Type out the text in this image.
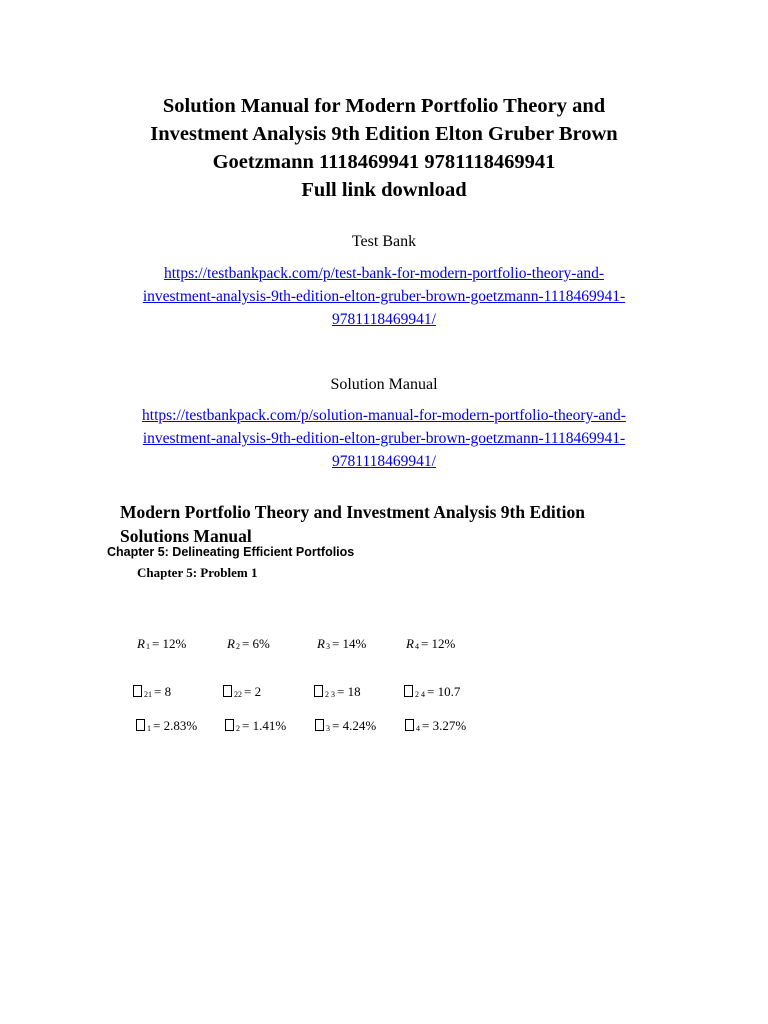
Solution Manual for Modern Portfolio Theory and
Investment Analysis 9th Edition Elton Gruber Brown
Goetzmann 1118469941 9781118469941
Full link download
Test Bank
https://testbankpack.com/p/test-bank-for-modern-portfolio-theory-and-
investment-analysis-9th-edition-elton-gruber-brown-goetzmann-1118469941-
9781118469941/
Solution Manual
https://testbankpack.com/p/solution-manual-for-modern-portfolio-theory-and-
investment-analysis-9th-edition-elton-gruber-brown-goetzmann-1118469941-
9781118469941/
Modern Portfolio Theory and Investment Analysis 9th Edition
Solutions Manual
Chapter 5: Delineating Efficient Portfolios
Chapter 5: Problem 1
R1 = 12%	R2 = 6%	R3 = 14%	R4 = 12%
21 = 8	22 = 2	2 3 = 18	2 4 = 10.7
1 = 2.83%	2 = 1.41%	3 = 4.24%	4 = 3.27%
